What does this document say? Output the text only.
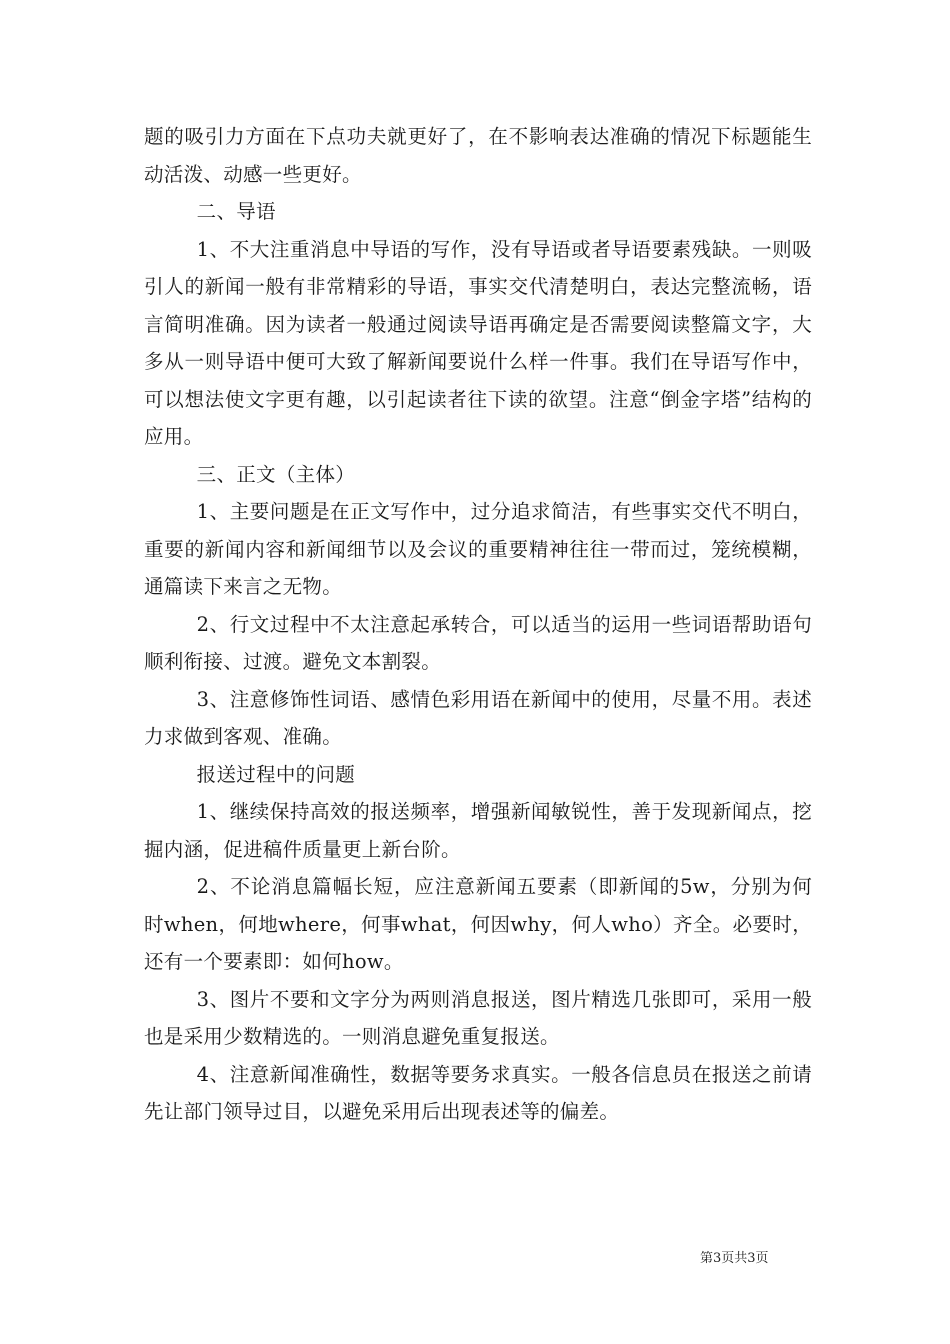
题的吸引力方面在下点功夫就更好了，在不影响表达准确的情况下标题能生动活泼、动感一些更好。

二、导语

1、不大注重消息中导语的写作，没有导语或者导语要素残缺。一则吸引人的新闻一般有非常精彩的导语，事实交代清楚明白，表达完整流畅，语言简明准确。因为读者一般通过阅读导语再确定是否需要阅读整篇文字，大多从一则导语中便可大致了解新闻要说什么样一件事。我们在导语写作中，可以想法使文字更有趣，以引起读者往下读的欲望。注意“倒金字塔”结构的应用。

三、正文（主体）

1、主要问题是在正文写作中，过分追求简洁，有些事实交代不明白，重要的新闻内容和新闻细节以及会议的重要精神往往一带而过，笼统模糊，通篇读下来言之无物。

2、行文过程中不太注意起承转合，可以适当的运用一些词语帮助语句顺利衔接、过渡。避免文本割裂。

3、注意修饰性词语、感情色彩用语在新闻中的使用，尽量不用。表述力求做到客观、准确。

报送过程中的问题

1、继续保持高效的报送频率，增强新闻敏锐性，善于发现新闻点，挖掘内涵，促进稿件质量更上新台阶。

2、不论消息篇幅长短，应注意新闻五要素（即新闻的5w，分别为何时when，何地where，何事what，何因why，何人who）齐全。必要时，还有一个要素即：如何how。

3、图片不要和文字分为两则消息报送，图片精选几张即可，采用一般也是采用少数精选的。一则消息避免重复报送。

4、注意新闻准确性，数据等要务求真实。一般各信息员在报送之前请先让部门领导过目，以避免采用后出现表述等的偏差。

第3页共3页
